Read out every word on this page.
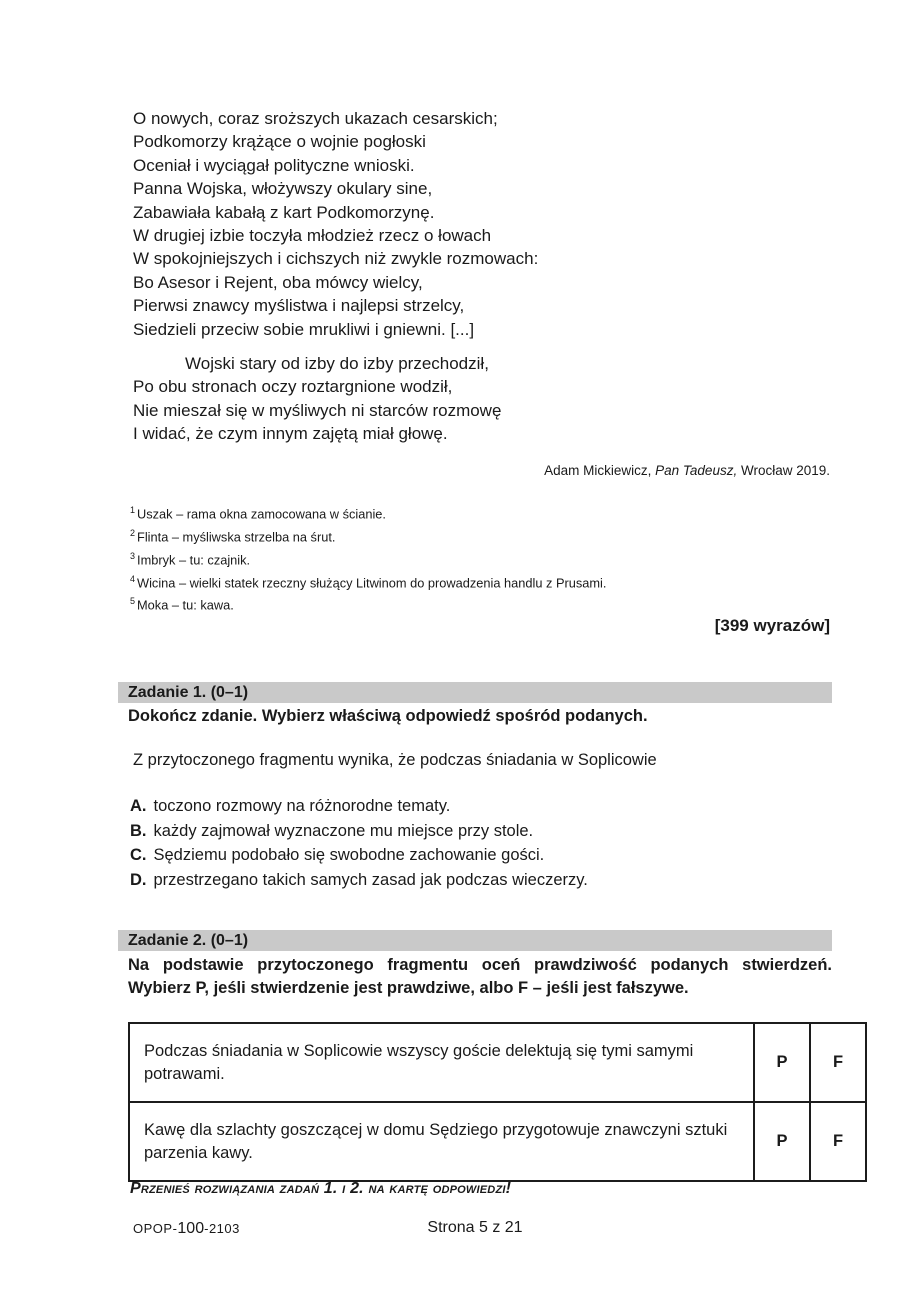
O nowych, coraz sroższych ukazach cesarskich;
Podkomorzy krążące o wojnie pogłoski
Oceniał i wyciągał polityczne wnioski.
Panna Wojska, włożywszy okulary sine,
Zabawiała kabałą z kart Podkomorzynę.
W drugiej izbie toczyła młodzież rzecz o łowach
W spokojniejszych i cichszych niż zwykle rozmowach:
Bo Asesor i Rejent, oba mówcy wielcy,
Pierwsi znawcy myślistwa i najlepsi strzelcy,
Siedzieli przeciw sobie mrukliwi i gniewni. [...]
Wojski stary od izby do izby przechodził,
Po obu stronach oczy roztargnione wodził,
Nie mieszał się w myśliwych ni starców rozmowę
I widać, że czym innym zajętą miał głowę.
Adam Mickiewicz, Pan Tadeusz, Wrocław 2019.
$^1$ Uszak – rama okna zamocowana w ścianie.
$^2$ Flinta – myśliwska strzelba na śrut.
$^3$ Imbryk – tu: czajnik.
$^4$ Wicina – wielki statek rzeczny służący Litwinom do prowadzenia handlu z Prusami.
$^5$ Moka – tu: kawa.
[399 wyrazów]
Zadanie 1. (0–1)
Dokończ zdanie. Wybierz właściwą odpowiedź spośród podanych.
Z przytoczonego fragmentu wynika, że podczas śniadania w Soplicowie
A. toczono rozmowy na różnorodne tematy.
B. każdy zajmował wyznaczone mu miejsce przy stole.
C. Sędziemu podobało się swobodne zachowanie gości.
D. przestrzegano takich samych zasad jak podczas wieczerzy.
Zadanie 2. (0–1)
Na podstawie przytoczonego fragmentu oceń prawdziwość podanych stwierdzeń. Wybierz P, jeśli stwierdzenie jest prawdziwe, albo F – jeśli jest fałszywe.
Podczas śniadania w Soplicowie wszyscy goście delektują się tymi samymi potrawami.	P	F
Kawę dla szlachty goszczącej w domu Sędziego przygotowuje znawczyni sztuki parzenia kawy.	P	F
Przenieś rozwiązania zadań 1. i 2. na kartę odpowiedzi!
Strona 5 z 21
OPOP-100-2103
